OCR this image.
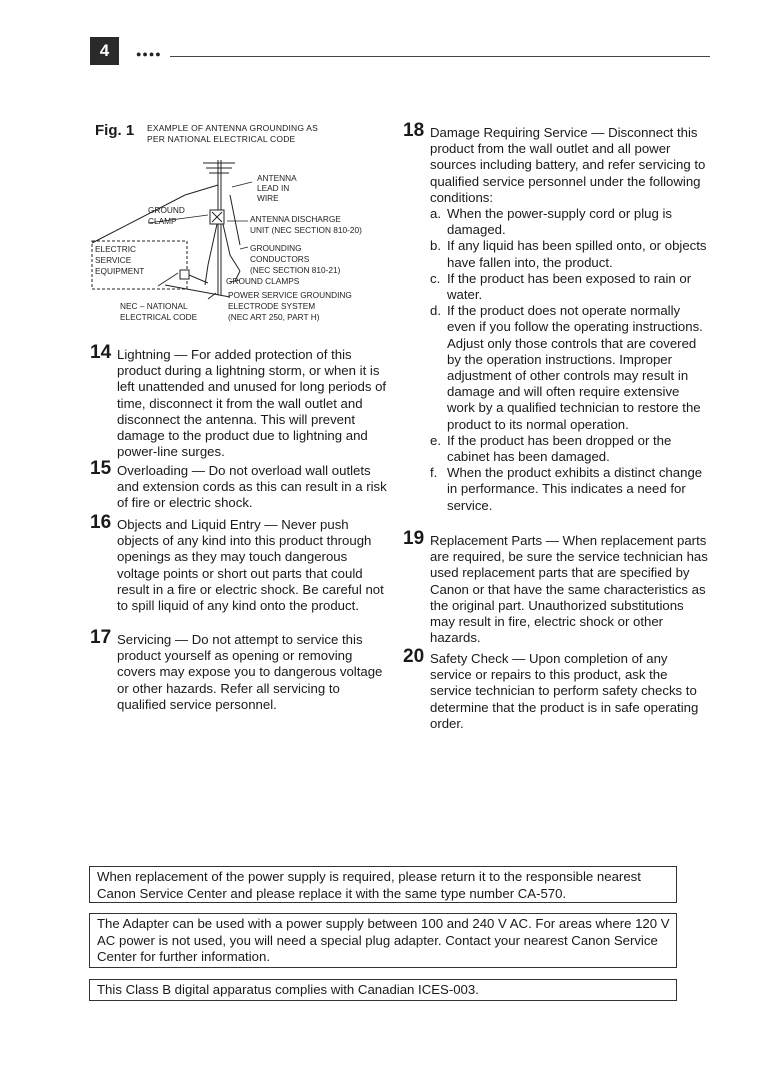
4	●●●●
Fig. 1 EXAMPLE OF ANTENNA GROUNDING AS
PER NATIONAL ELECTRICAL CODE
ANTENNA
LEAD IN
WIRE
GROUND
CLAMP	ANTENNA DISCHARGE
UNIT (NEC SECTION 810-20)
ELECTRIC
SERVICE
EQUIPMENT
GROUNDING
CONDUCTORS
(NEC SECTION 810-21)
GROUND CLAMPS
POWER SERVICE GROUNDING
ELECTRODE SYSTEM
(NEC ART 250, PART H)
NEC – NATIONAL
ELECTRICAL CODE
14 Lightning — For added protection of this product during a lightning storm, or when it is left unattended and unused for long periods of time, disconnect it from the wall outlet and disconnect the antenna. This will prevent damage to the product due to lightning and power-line surges.
15 Overloading — Do not overload wall outlets and extension cords as this can result in a risk of fire or electric shock.
16 Objects and Liquid Entry — Never push objects of any kind into this product through openings as they may touch dangerous voltage points or short out parts that could result in a fire or electric shock. Be careful not to spill liquid of any kind onto the product.
17 Servicing — Do not attempt to service this product yourself as opening or removing covers may expose you to dangerous voltage or other hazards. Refer all servicing to qualified service personnel.
18 Damage Requiring Service — Disconnect this product from the wall outlet and all power sources including battery, and refer servicing to qualified service personnel under the following conditions:
a. When the power-supply cord or plug is damaged.
b. If any liquid has been spilled onto, or objects have fallen into, the product.
c. If the product has been exposed to rain or water.
d. If the product does not operate normally even if you follow the operating instructions. Adjust only those controls that are covered by the operation instructions. Improper adjustment of other controls may result in damage and will often require extensive work by a qualified technician to restore the product to its normal operation.
e. If the product has been dropped or the cabinet has been damaged.
f. When the product exhibits a distinct change in performance. This indicates a need for service.
19 Replacement Parts — When replacement parts are required, be sure the service technician has used replacement parts that are specified by Canon or that have the same characteristics as the original part. Unauthorized substitutions may result in fire, electric shock or other hazards.
20 Safety Check — Upon completion of any service or repairs to this product, ask the service technician to perform safety checks to determine that the product is in safe operating order.
When replacement of the power supply is required, please return it to the responsible nearest Canon Service Center and please replace it with the same type number CA-570.
The Adapter can be used with a power supply between 100 and 240 V AC. For areas where 120 V AC power is not used, you will need a special plug adapter. Contact your nearest Canon Service Center for further information.
This Class B digital apparatus complies with Canadian ICES-003.
